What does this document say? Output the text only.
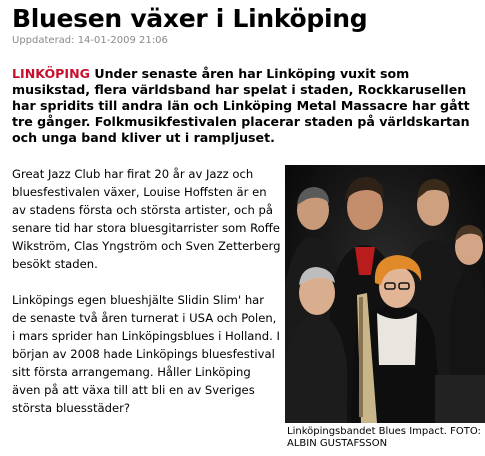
Bluesen växer i Linköping
Uppdaterad: 14-01-2009 21:06

LINKÖPING Under senaste åren har Linköping vuxit som musikstad, flera världsband har spelat i staden, Rockkarusellen har spridits till andra län och Linköping Metal Massacre har gått tre gånger. Folkmusikfestivalen placerar staden på världskartan och unga band kliver ut i rampljuset.

Great Jazz Club har firat 20 år av Jazz och bluesfestivalen växer, Louise Hoffsten är en av stadens första och största artister, och på senare tid har stora bluesgitarrister som Roffe Wikström, Clas Yngström och Sven Zetterberg besökt staden.

Linköpings egen blueshjälte Slidin Slim' har de senaste två åren turnerat i USA och Polen, i mars sprider han Linköpingsblues i Holland. I början av 2008 hade Linköpings bluesfestival sitt första arrangemang. Håller Linköping även på att växa till att bli en av Sveriges största bluesstäder?

Linköpingsbandet Blues Impact. FOTO: ALBIN GUSTAFSSON
